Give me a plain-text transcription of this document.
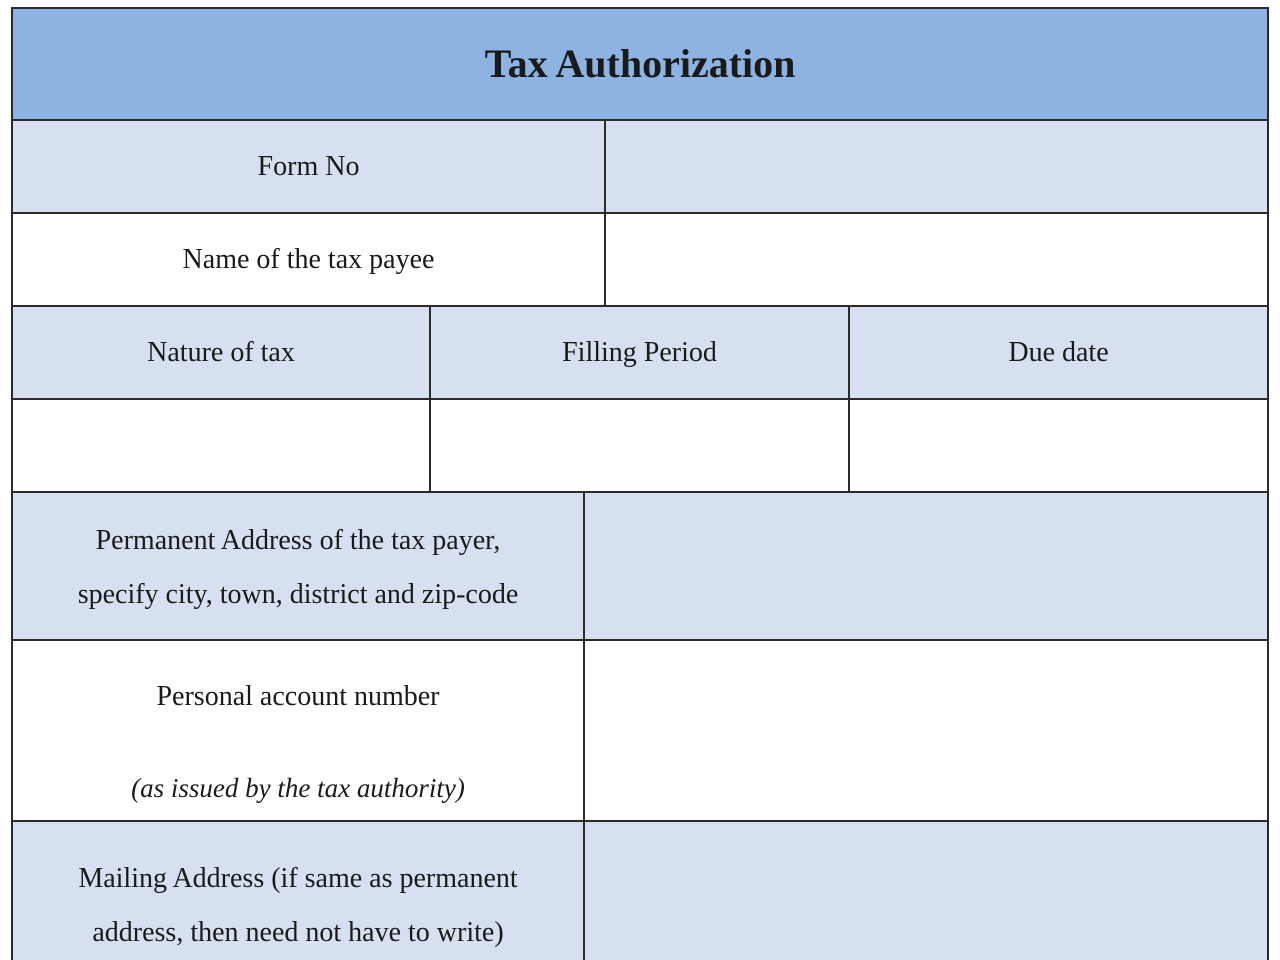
Tax Authorization
Form No
Name of the tax payee
Nature of tax	Filling Period	Due date
Permanent Address of the tax payer,
specify city, town, district and zip-code
Personal account number
(as issued by the tax authority)
Mailing Address (if same as permanent
address, then need not have to write)
